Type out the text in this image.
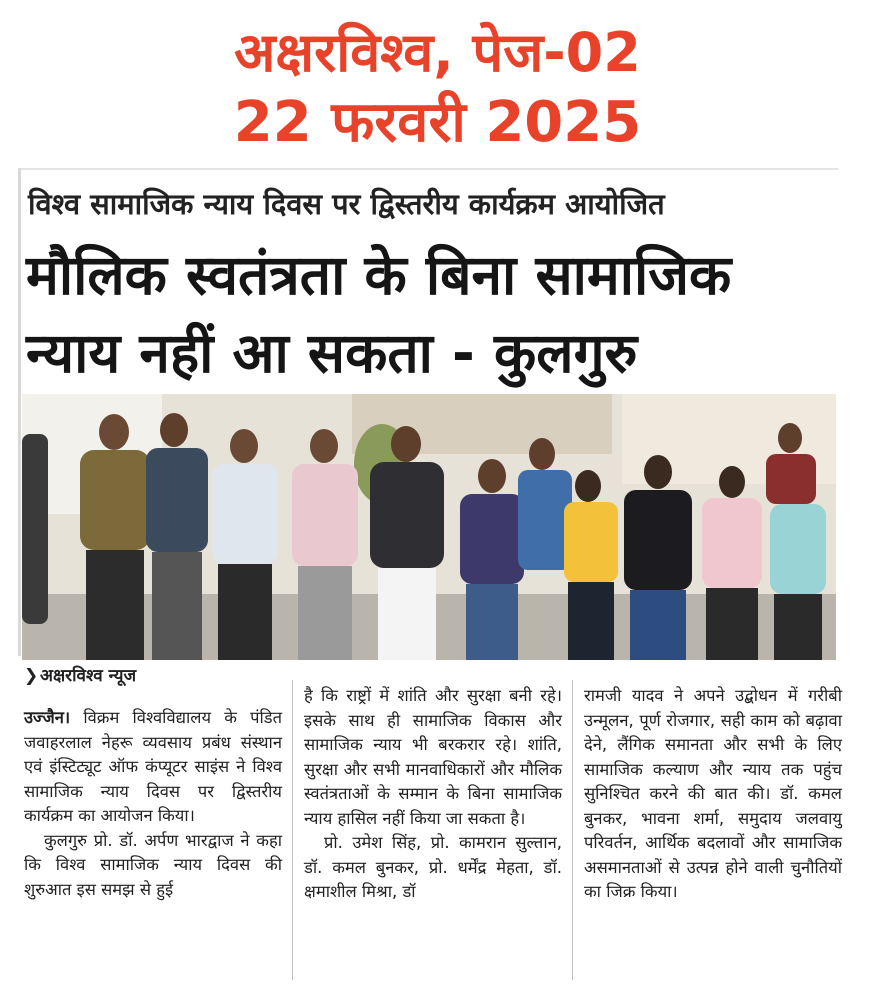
अक्षरविश्व, पेज-02
22 फरवरी 2025
विश्व सामाजिक न्याय दिवस पर द्विस्तरीय कार्यक्रम आयोजित
मौलिक स्वतंत्रता के बिना सामाजिक
न्याय नहीं आ सकता - कुलगुरु
❯ अक्षरविश्व न्यूज

उज्जैन। विक्रम विश्वविद्यालय के पंडित जवाहरलाल नेहरू व्यवसाय प्रबंध संस्थान एवं इंस्टिट्यूट ऑफ कंप्यूटर साइंस ने विश्व सामाजिक न्याय दिवस पर द्विस्तरीय कार्यक्रम का आयोजन किया।

कुलगुरु प्रो. डॉ. अर्पण भारद्वाज ने कहा कि विश्व सामाजिक न्याय दिवस की शुरुआत इस समझ से हुई

है कि राष्ट्रों में शांति और सुरक्षा बनी रहे। इसके साथ ही सामाजिक विकास और सामाजिक न्याय भी बरकरार रहे। शांति, सुरक्षा और सभी मानवाधिकारों और मौलिक स्वतंत्रताओं के सम्मान के बिना सामाजिक न्याय हासिल नहीं किया जा सकता है।

प्रो. उमेश सिंह, प्रो. कामरान सुल्तान, डॉ. कमल बुनकर, प्रो. धर्मेंद्र मेहता, डॉ. क्षमाशील मिश्रा, डॉ

रामजी यादव ने अपने उद्बोधन में गरीबी उन्मूलन, पूर्ण रोजगार, सही काम को बढ़ावा देने, लैंगिक समानता और सभी के लिए सामाजिक कल्याण और न्याय तक पहुंच सुनिश्चित करने की बात की। डॉ. कमल बुनकर, भावना शर्मा, समुदाय जलवायु परिवर्तन, आर्थिक बदलावों और सामाजिक असमानताओं से उत्पन्न होने वाली चुनौतियों का जिक्र किया।
